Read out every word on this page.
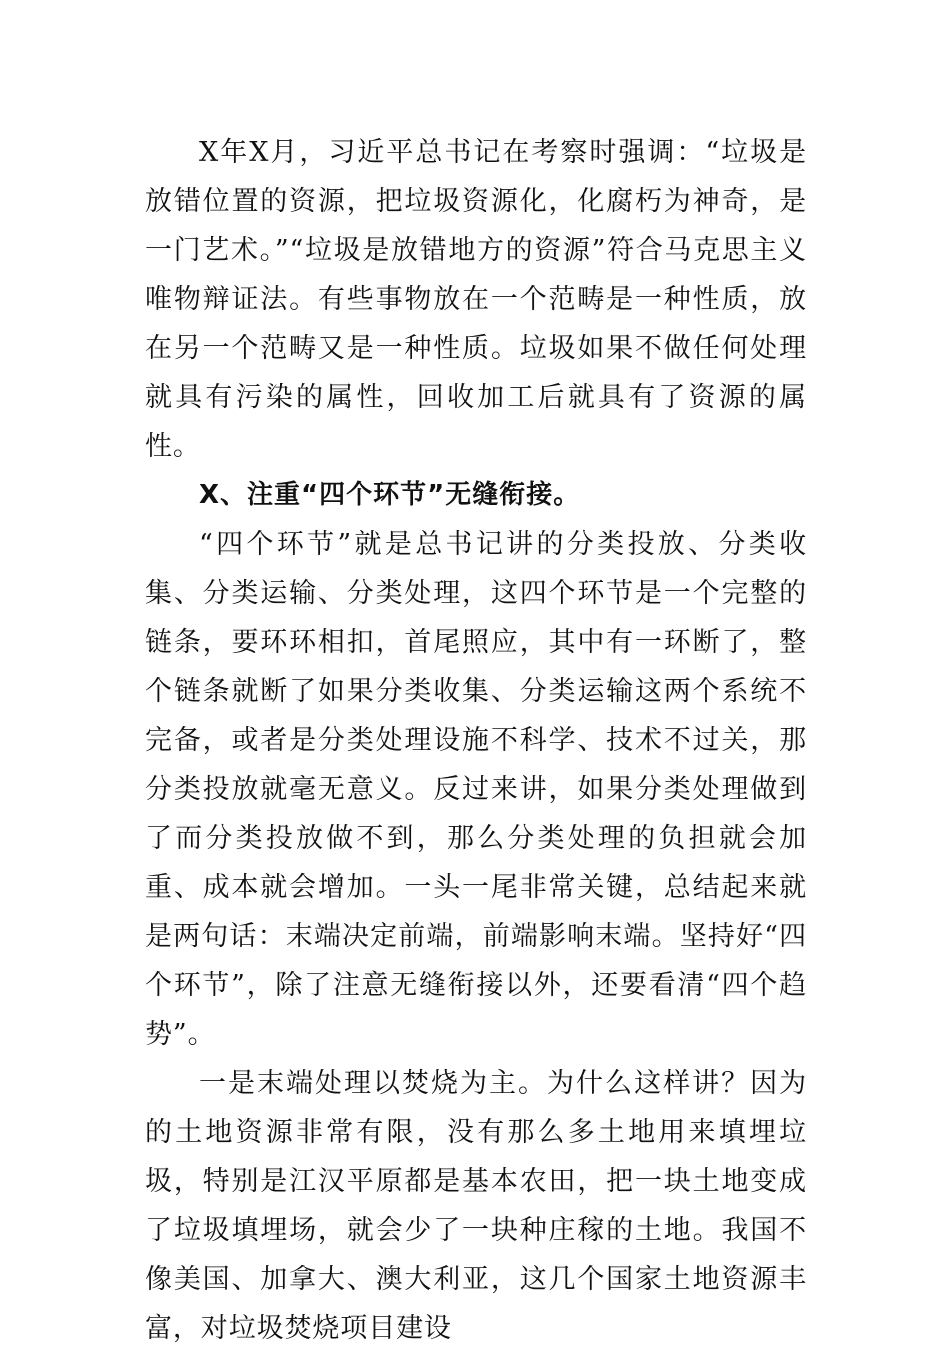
X年X月，习近平总书记在考察时强调：“垃圾是放错位置的资源，把垃圾资源化，化腐朽为神奇，是一门艺术。”“垃圾是放错地方的资源”符合马克思主义唯物辩证法。有些事物放在一个范畴是一种性质，放在另一个范畴又是一种性质。垃圾如果不做任何处理就具有污染的属性，回收加工后就具有了资源的属性。

X、注重“四个环节”无缝衔接。

“四个环节”就是总书记讲的分类投放、分类收集、分类运输、分类处理，这四个环节是一个完整的链条，要环环相扣，首尾照应，其中有一环断了，整个链条就断了如果分类收集、分类运输这两个系统不完备，或者是分类处理设施不科学、技术不过关，那分类投放就毫无意义。反过来讲，如果分类处理做到了而分类投放做不到，那么分类处理的负担就会加重、成本就会增加。一头一尾非常关键，总结起来就是两句话：末端决定前端，前端影响末端。坚持好“四个环节”，除了注意无缝衔接以外，还要看清“四个趋势”。

一是末端处理以焚烧为主。为什么这样讲？因为的土地资源非常有限，没有那么多土地用来填埋垃圾，特别是江汉平原都是基本农田，把一块土地变成了垃圾填埋场，就会少了一块种庄稼的土地。我国不像美国、加拿大、澳大利亚，这几个国家土地资源丰富，对垃圾焚烧项目建设
